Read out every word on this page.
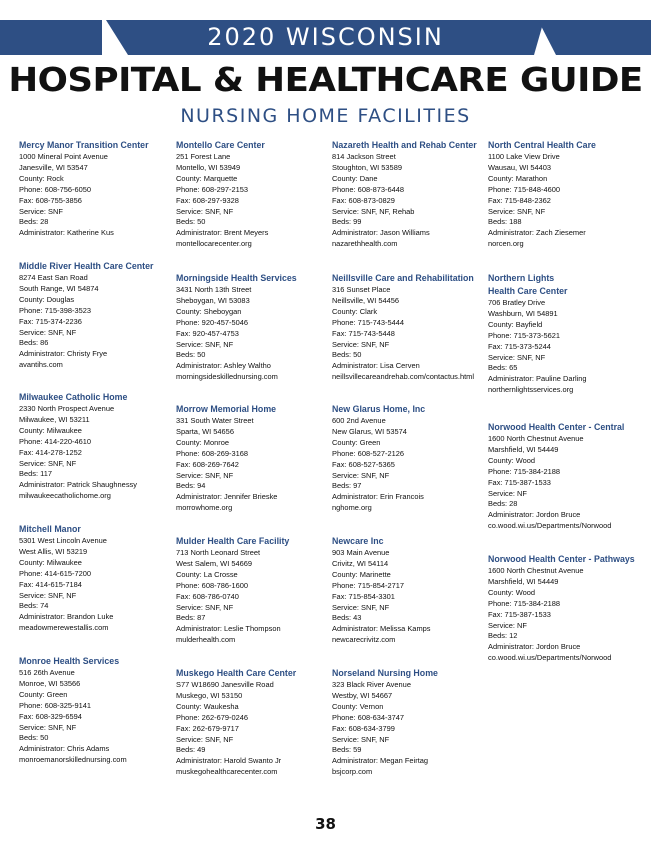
2020 WISCONSIN
HOSPITAL & HEALTHCARE GUIDE
NURSING HOME FACILITIES
Mercy Manor Transition Center
1000 Mineral Point Avenue
Janesville, WI 53547
County: Rock
Phone: 608-756-6050
Fax: 608-755-3856
Service: SNF
Beds: 28
Administrator: Katherine Kus
Middle River Health Care Center
8274 East San Road
South Range, WI 54874
County: Douglas
Phone: 715-398-3523
Fax: 715-374-2236
Service: SNF, NF
Beds: 86
Administrator: Christy Frye
avantihs.com
Milwaukee Catholic Home
2330 North Prospect Avenue
Milwaukee, WI 53211
County: Milwaukee
Phone: 414-220-4610
Fax: 414-278-1252
Service: SNF, NF
Beds: 117
Administrator: Patrick Shaughnessy
milwaukeecatholichome.org
Mitchell Manor
5301 West Lincoln Avenue
West Allis, WI 53219
County: Milwaukee
Phone: 414-615-7200
Fax: 414-615-7184
Service: SNF, NF
Beds: 74
Administrator: Brandon Luke
meadowmerewestallis.com
Monroe Health Services
516 26th Avenue
Monroe, WI 53566
County: Green
Phone: 608-325-9141
Fax: 608-329-6594
Service: SNF, NF
Beds: 50
Administrator: Chris Adams
monroemanorskillednursing.com
Montello Care Center
251 Forest Lane
Montello, WI 53949
County: Marquette
Phone: 608-297-2153
Fax: 608-297-9328
Service: SNF, NF
Beds: 50
Administrator: Brent Meyers
montellocarecenter.org
Morningside Health Services
3431 North 13th Street
Sheboygan, WI 53083
County: Sheboygan
Phone: 920-457-5046
Fax: 920-457-4753
Service: SNF, NF
Beds: 50
Administrator: Ashley Waltho
morningsideskillednursing.com
Morrow Memorial Home
331 South Water Street
Sparta, WI 54656
County: Monroe
Phone: 608-269-3168
Fax: 608-269-7642
Service: SNF, NF
Beds: 94
Administrator: Jennifer Brieske
morrowhome.org
Mulder Health Care Facility
713 North Leonard Street
West Salem, WI 54669
County: La Crosse
Phone: 608-786-1600
Fax: 608-786-0740
Service: SNF, NF
Beds: 87
Administrator: Leslie Thompson
mulderhealth.com
Muskego Health Care Center
S77 W18690 Janesville Road
Muskego, WI 53150
County: Waukesha
Phone: 262-679-0246
Fax: 262-679-9717
Service: SNF, NF
Beds: 49
Administrator: Harold Swanto Jr
muskegohealthcarecenter.com
Nazareth Health and Rehab Center
814 Jackson Street
Stoughton, WI 53589
County: Dane
Phone: 608-873-6448
Fax: 608-873-0829
Service: SNF, NF, Rehab
Beds: 99
Administrator: Jason Williams
nazarethhealth.com
Neillsville Care and Rehabilitation
316 Sunset Place
Neillsville, WI 54456
County: Clark
Phone: 715-743-5444
Fax: 715-743-5448
Service: SNF, NF
Beds: 50
Administrator: Lisa Cerven
neillsvillecareandrehab.com/contactus.html
New Glarus Home, Inc
600 2nd Avenue
New Glarus, WI 53574
County: Green
Phone: 608-527-2126
Fax: 608-527-5365
Service: SNF, NF
Beds: 97
Administrator: Erin Francois
nghome.org
Newcare Inc
903 Main Avenue
Crivitz, WI 54114
County: Marinette
Phone: 715-854-2717
Fax: 715-854-3301
Service: SNF, NF
Beds: 43
Administrator: Melissa Kamps
newcarecrivitz.com
Norseland Nursing Home
323 Black River Avenue
Westby, WI 54667
County: Vernon
Phone: 608-634-3747
Fax: 608-634-3799
Service: SNF, NF
Beds: 59
Administrator: Megan Feirtag
bsjcorp.com
North Central Health Care
1100 Lake View Drive
Wausau, WI 54403
County: Marathon
Phone: 715-848-4600
Fax: 715-848-2362
Service: SNF, NF
Beds: 188
Administrator: Zach Ziesemer
norcen.org
Northern Lights
Health Care Center
706 Bratley Drive
Washburn, WI 54891
County: Bayfield
Phone: 715-373-5621
Fax: 715-373-5244
Service: SNF, NF
Beds: 65
Administrator: Pauline Darling
northernlightsservices.org
Norwood Health Center - Central
1600 North Chestnut Avenue
Marshfield, WI 54449
County: Wood
Phone: 715-384-2188
Fax: 715-387-1533
Service: NF
Beds: 28
Administrator: Jordon Bruce
co.wood.wi.us/Departments/Norwood
Norwood Health Center - Pathways
1600 North Chestnut Avenue
Marshfield, WI 54449
County: Wood
Phone: 715-384-2188
Fax: 715-387-1533
Service: NF
Beds: 12
Administrator: Jordon Bruce
co.wood.wi.us/Departments/Norwood
38
